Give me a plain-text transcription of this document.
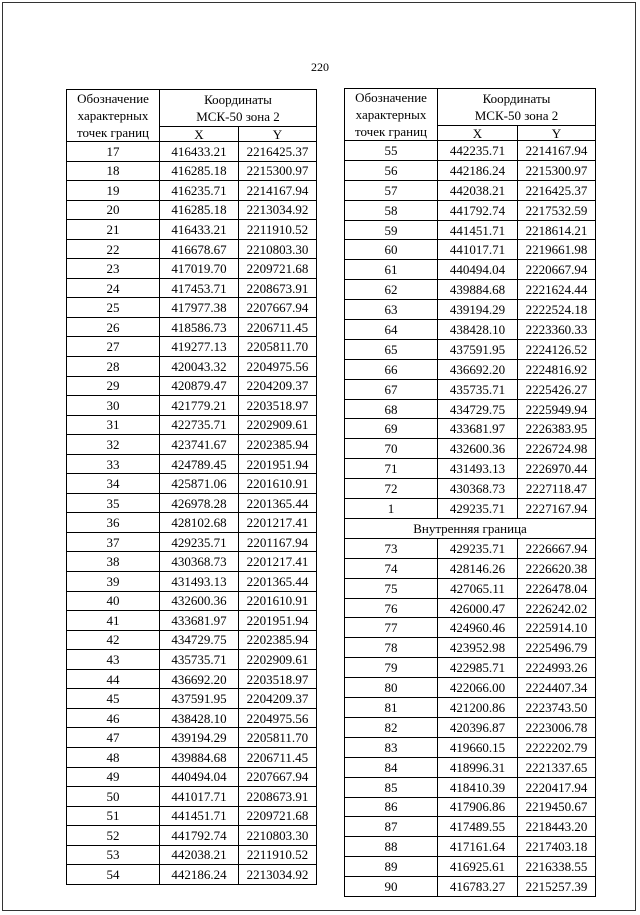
220
Обозначение
характерных
точек границ	Координаты
МСК-50 зона 2	

	X	Y
17	416433.21	2216425.37
18	416285.18	2215300.97
19	416235.71	2214167.94
20	416285.18	2213034.92
21	416433.21	2211910.52
22	416678.67	2210803.30
23	417019.70	2209721.68
24	417453.71	2208673.91
25	417977.38	2207667.94
26	418586.73	2206711.45
27	419277.13	2205811.70
28	420043.32	2204975.56
29	420879.47	2204209.37
30	421779.21	2203518.97
31	422735.71	2202909.61
32	423741.67	2202385.94
33	424789.45	2201951.94
34	425871.06	2201610.91
35	426978.28	2201365.44
36	428102.68	2201217.41
37	429235.71	2201167.94
38	430368.73	2201217.41
39	431493.13	2201365.44
40	432600.36	2201610.91
41	433681.97	2201951.94
42	434729.75	2202385.94
43	435735.71	2202909.61
44	436692.20	2203518.97
45	437591.95	2204209.37
46	438428.10	2204975.56
47	439194.29	2205811.70
48	439884.68	2206711.45
49	440494.04	2207667.94
50	441017.71	2208673.91
51	441451.71	2209721.68
52	441792.74	2210803.30
53	442038.21	2211910.52
54	442186.24	2213034.92
Обозначение
характерных
точек границ	Координаты
МСК-50 зона 2	

	X	Y
55	442235.71	2214167.94
56	442186.24	2215300.97
57	442038.21	2216425.37
58	441792.74	2217532.59
59	441451.71	2218614.21
60	441017.71	2219661.98
61	440494.04	2220667.94
62	439884.68	2221624.44
63	439194.29	2222524.18
64	438428.10	2223360.33
65	437591.95	2224126.52
66	436692.20	2224816.92
67	435735.71	2225426.27
68	434729.75	2225949.94
69	433681.97	2226383.95
70	432600.36	2226724.98
71	431493.13	2226970.44
72	430368.73	2227118.47
1	429235.71	2227167.94
Внутренняя граница		
73	429235.71	2226667.94
74	428146.26	2226620.38
75	427065.11	2226478.04
76	426000.47	2226242.02
77	424960.46	2225914.10
78	423952.98	2225496.79
79	422985.71	2224993.26
80	422066.00	2224407.34
81	421200.86	2223743.50
82	420396.87	2223006.78
83	419660.15	2222202.79
84	418996.31	2221337.65
85	418410.39	2220417.94
86	417906.86	2219450.67
87	417489.55	2218443.20
88	417161.64	2217403.18
89	416925.61	2216338.55
90	416783.27	2215257.39
